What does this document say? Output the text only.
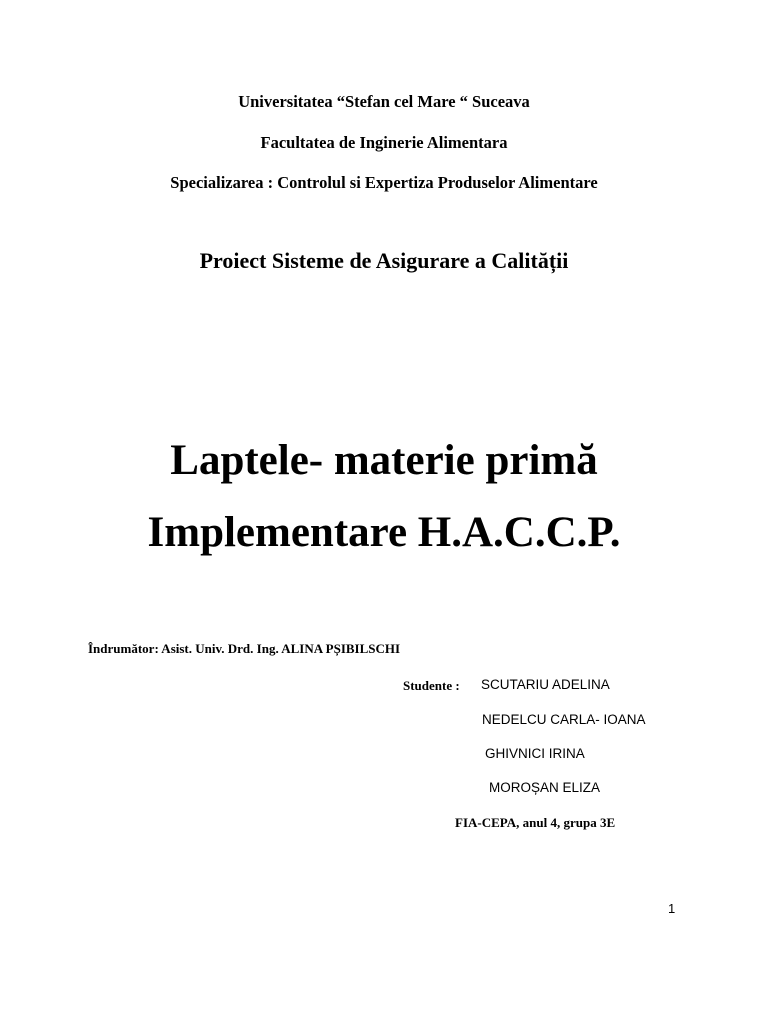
Universitatea “Stefan cel Mare “ Suceava
Facultatea de Inginerie Alimentara
Specializarea : Controlul si Expertiza Produselor Alimentare
Proiect Sisteme de Asigurare a Calității
Laptele- materie primă
Implementare H.A.C.C.P.
Îndrumător: Asist. Univ. Drd. Ing. ALINA PȘIBILSCHI
Studente : SCUTARIU ADELINA
NEDELCU CARLA- IOANA
GHIVNICI IRINA
MOROȘAN ELIZA
FIA-CEPA, anul 4, grupa 3E
1
